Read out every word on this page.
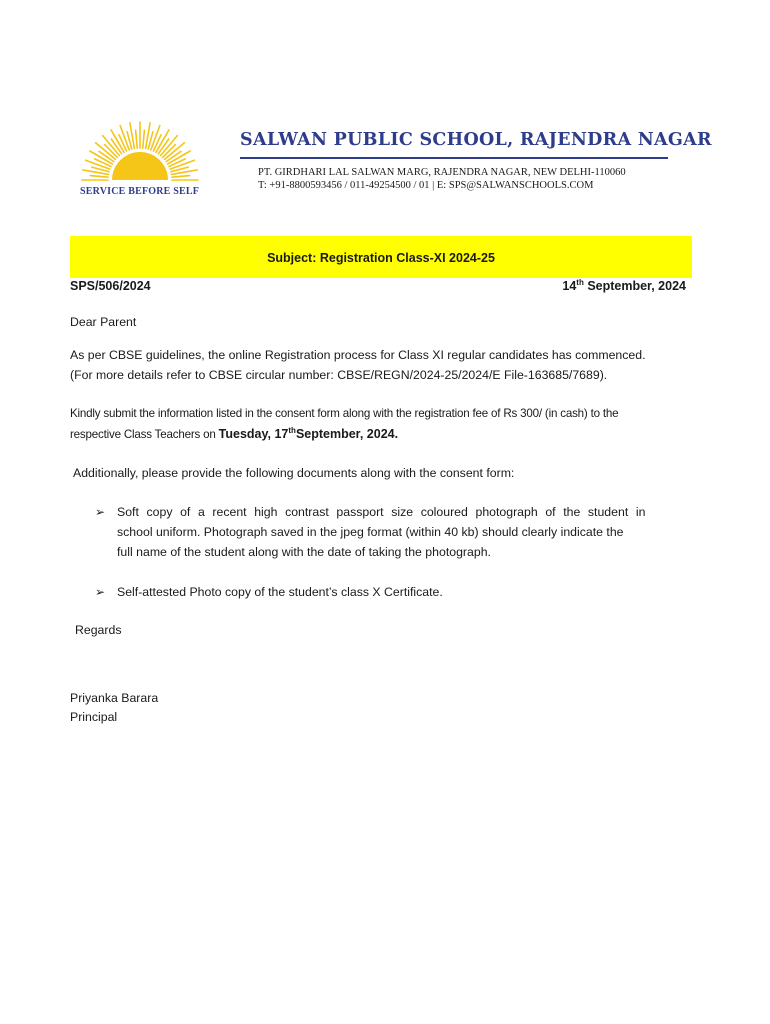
SERVICE BEFORE SELF
SALWAN PUBLIC SCHOOL, RAJENDRA NAGAR
PT. GIRDHARI LAL SALWAN MARG, RAJENDRA NAGAR, NEW DELHI-110060
T: +91-8800593456 / 011-49254500 / 01 | E: SPS@SALWANSCHOOLS.COM
Subject: Registration Class-XI 2024-25
SPS/506/2024	14th September, 2024
Dear Parent
As per CBSE guidelines, the online Registration process for Class XI regular candidates has commenced.
(For more details refer to CBSE circular number: CBSE/REGN/2024-25/2024/E File-163685/7689).
Kindly submit the information listed in the consent form along with the registration fee of Rs 300/ (in cash) to the
respective Class Teachers on Tuesday, 17thSeptember, 2024.
Additionally, please provide the following documents along with the consent form:
➢ Soft copy of a recent high contrast passport size coloured photograph of the student in
school uniform. Photograph saved in the jpeg format (within 40 kb) should clearly indicate the
full name of the student along with the date of taking the photograph.
➢ Self-attested Photo copy of the student’s class X Certificate.
Regards
Priyanka Barara
Principal
